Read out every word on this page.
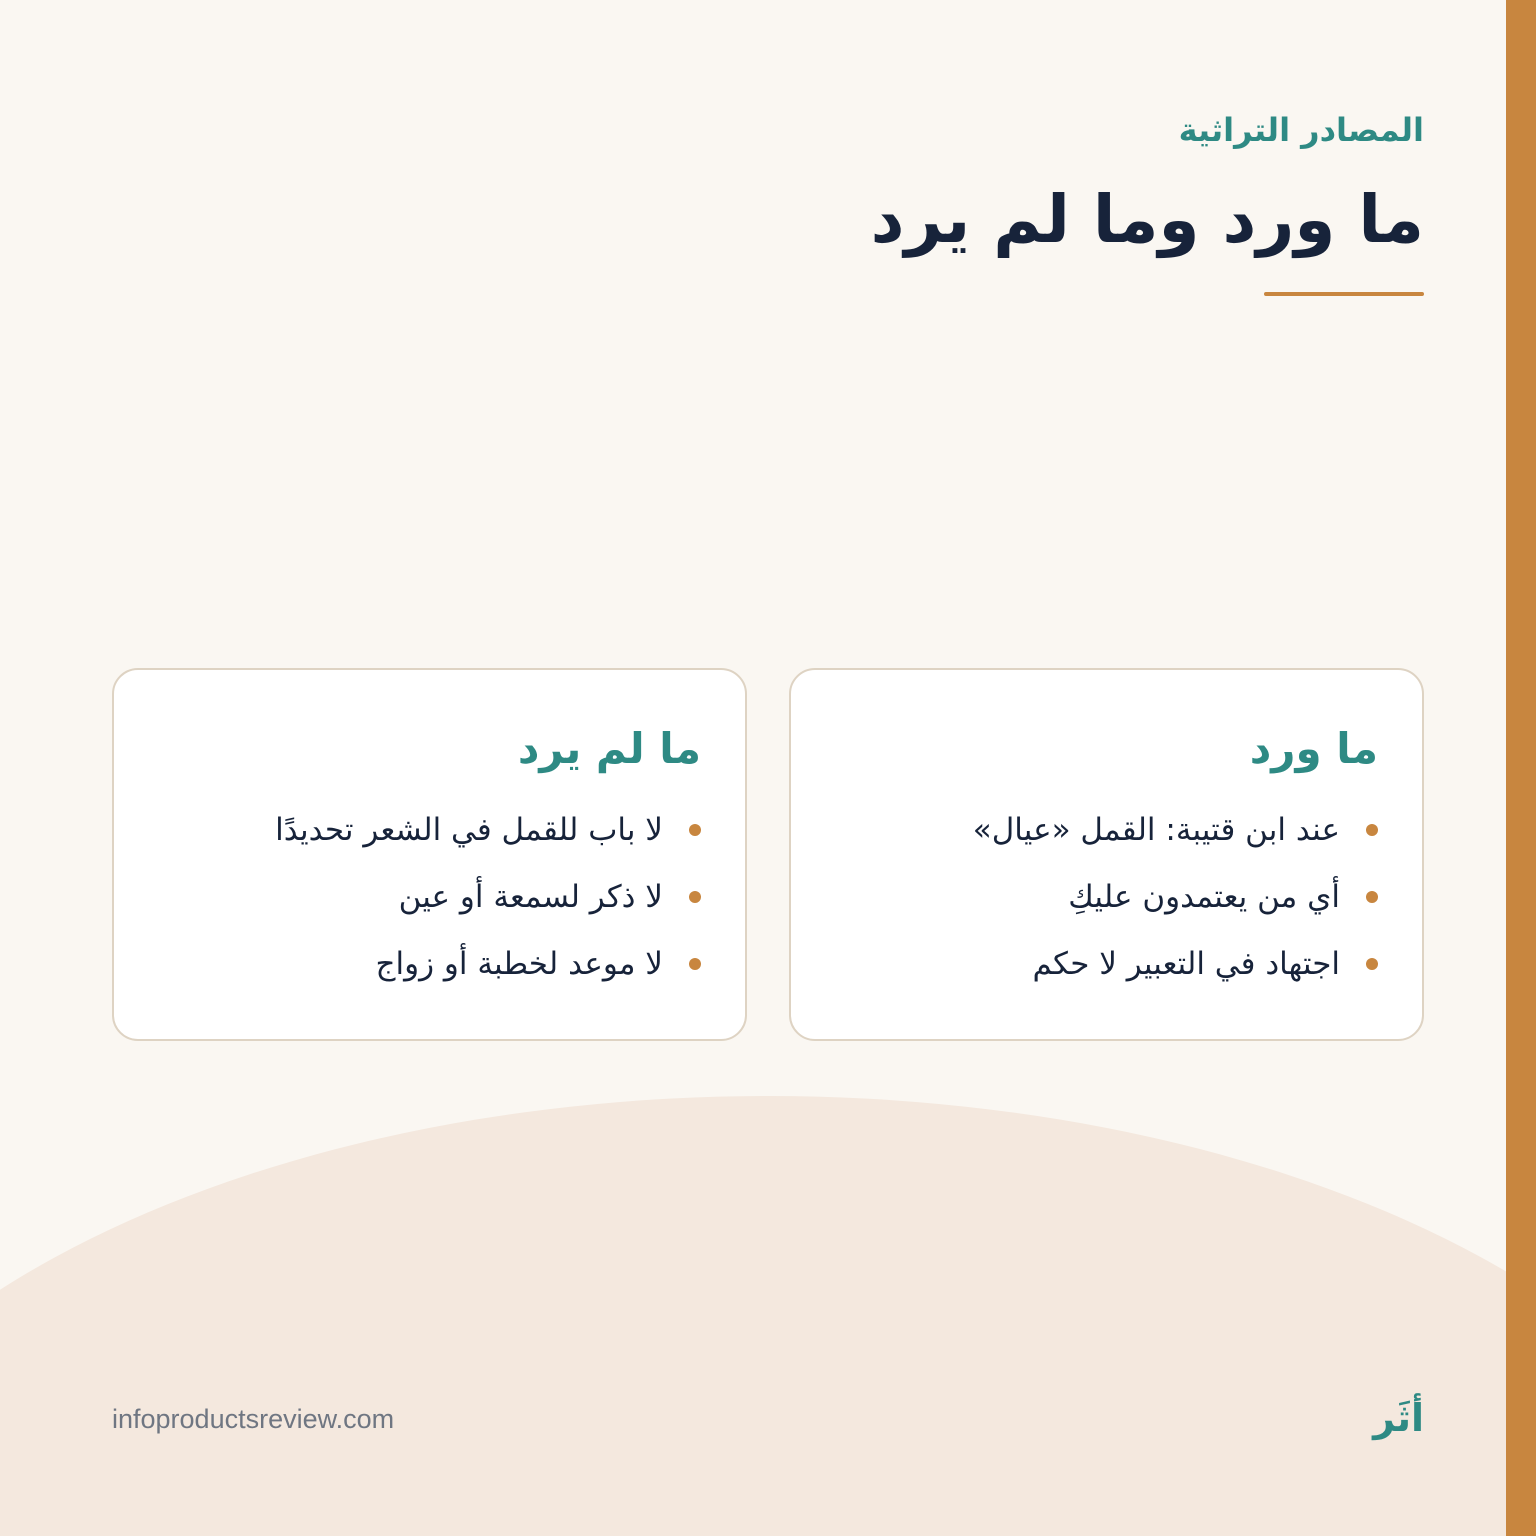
المصادر التراثية
ما ورد وما لم يرد
ما ورد
عند ابن قتيبة: القمل «عيال»
أي من يعتمدون عليكِ
اجتهاد في التعبير لا حكم
ما لم يرد
لا باب للقمل في الشعر تحديدًا
لا ذكر لسمعة أو عين
لا موعد لخطبة أو زواج
infoproductsreview.com	أثَر
